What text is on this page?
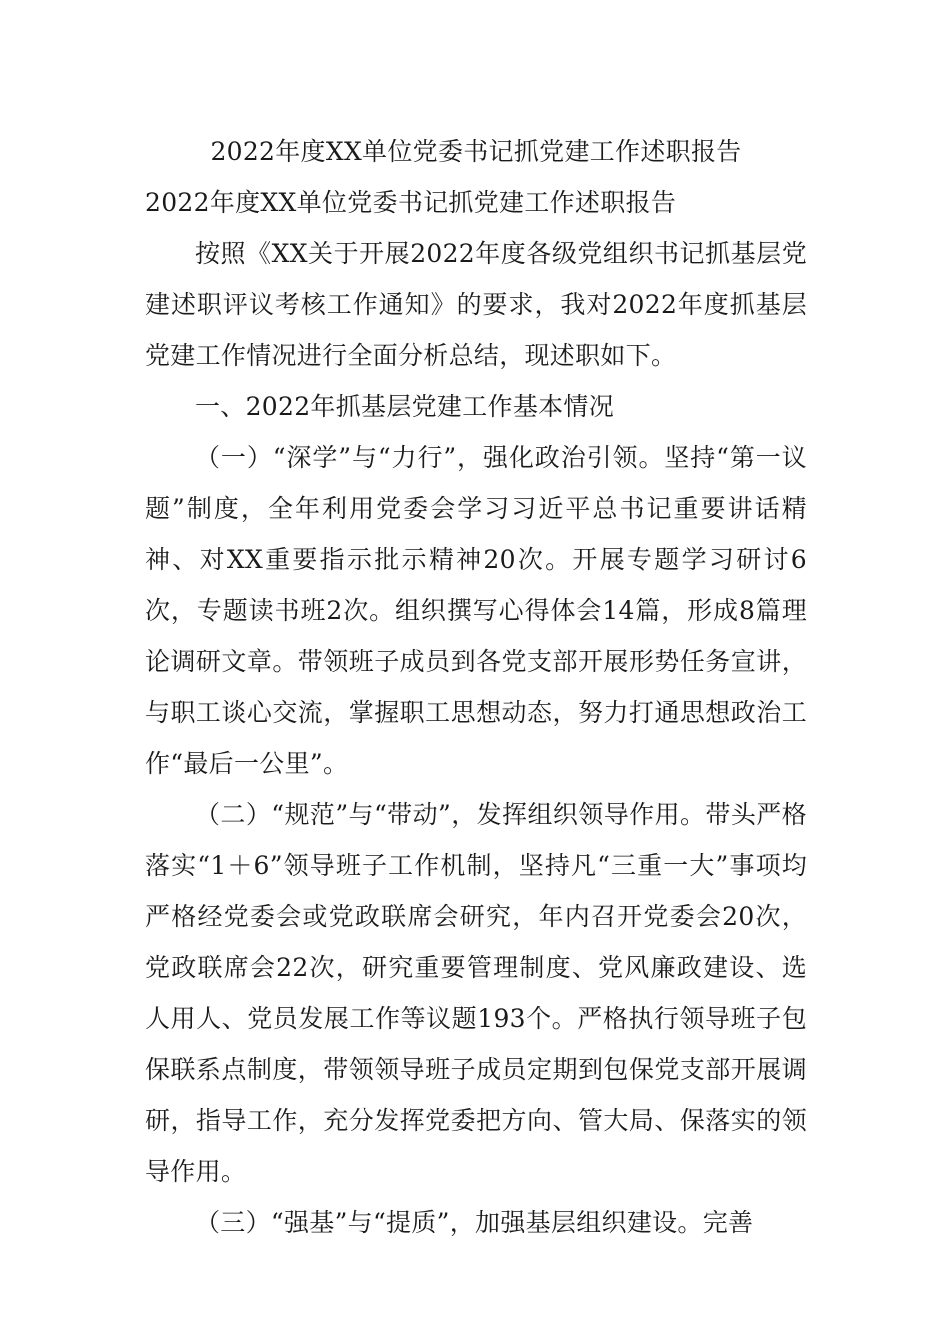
2022年度XX单位党委书记抓党建工作述职报告

2022年度XX单位党委书记抓党建工作述职报告

按照《XX关于开展2022年度各级党组织书记抓基层党建述职评议考核工作通知》的要求，我对2022年度抓基层党建工作情况进行全面分析总结，现述职如下。

一、2022年抓基层党建工作基本情况

（一）“深学”与“力行”，强化政治引领。坚持“第一议题”制度，全年利用党委会学习习近平总书记重要讲话精神、对XX重要指示批示精神20次。开展专题学习研讨6次，专题读书班2次。组织撰写心得体会14篇，形成8篇理论调研文章。带领班子成员到各党支部开展形势任务宣讲，与职工谈心交流，掌握职工思想动态，努力打通思想政治工作“最后一公里”。

（二）“规范”与“带动”，发挥组织领导作用。带头严格落实“1＋6”领导班子工作机制，坚持凡“三重一大”事项均严格经党委会或党政联席会研究，年内召开党委会20次，党政联席会22次，研究重要管理制度、党风廉政建设、选人用人、党员发展工作等议题193个。严格执行领导班子包保联系点制度，带领领导班子成员定期到包保党支部开展调研，指导工作，充分发挥党委把方向、管大局、保落实的领导作用。

（三）“强基”与“提质”，加强基层组织建设。完善
